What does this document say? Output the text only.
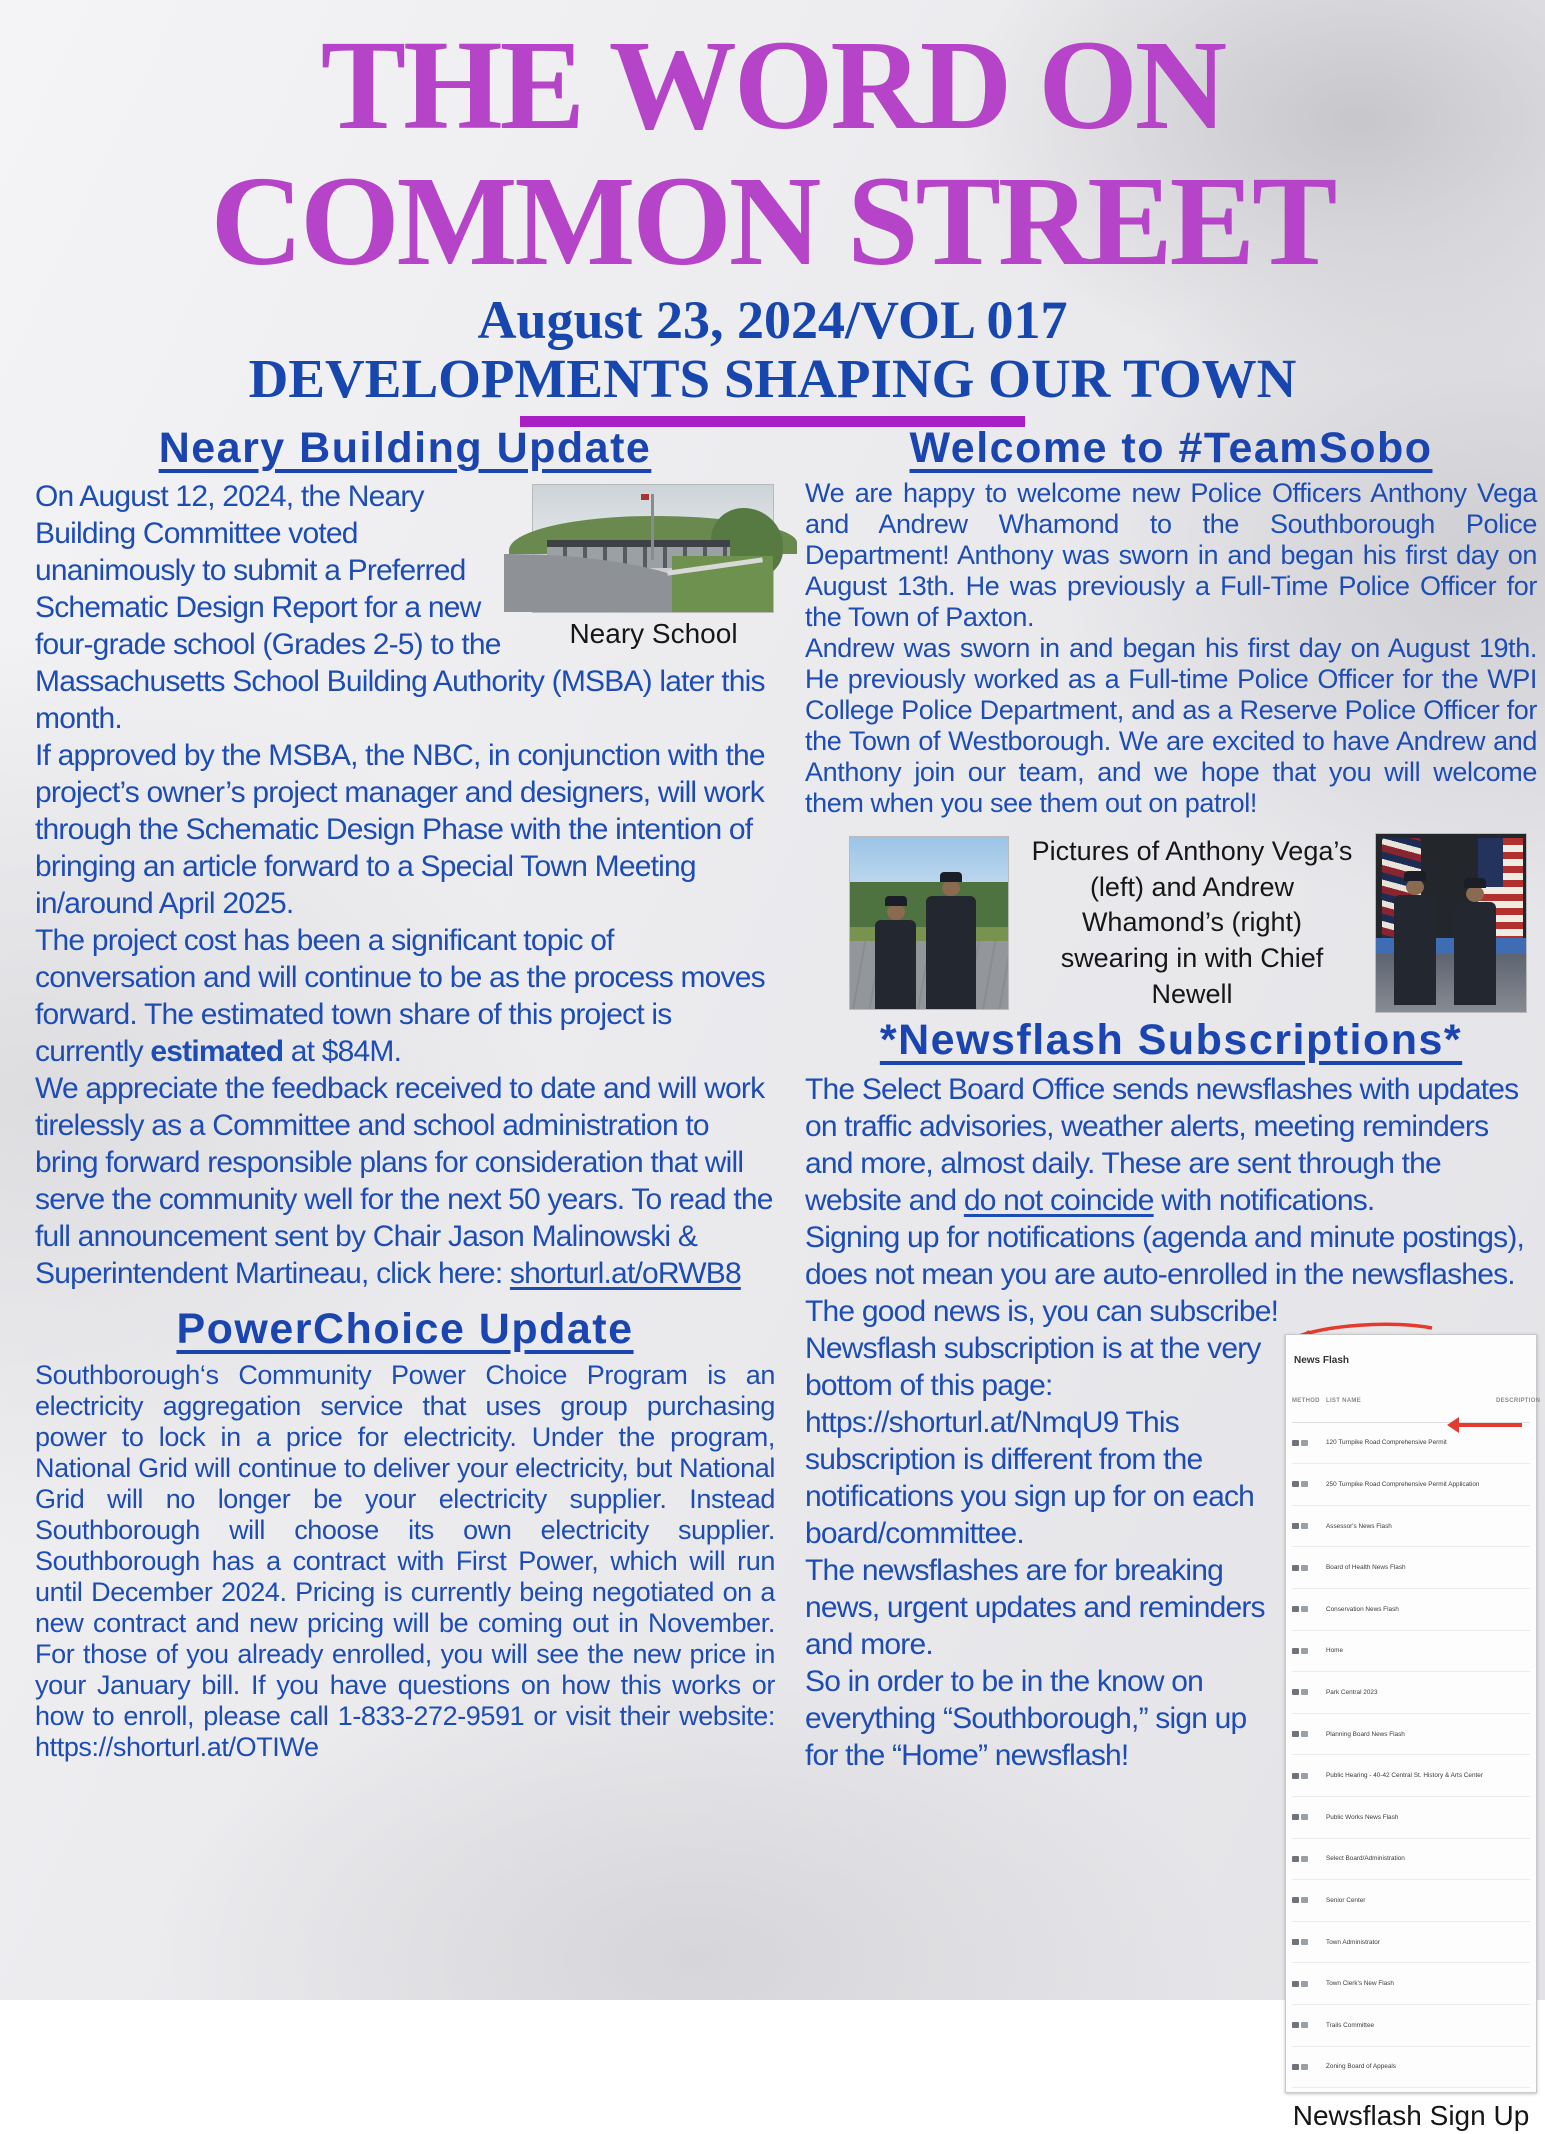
THE WORD ON
COMMON STREET
August 23, 2024/VOL 017
DEVELOPMENTS SHAPING OUR TOWN
Neary Building Update
Neary School

On August 12, 2024, the Neary Building Committee voted unanimously to submit a Preferred Schematic Design Report for a new four-grade school (Grades 2-5) to the Massachusetts School Building Authority (MSBA) later this month.

If approved by the MSBA, the NBC, in conjunction with the project’s owner’s project manager and designers, will work through the Schematic Design Phase with the intention of bringing an article forward to a Special Town Meeting in/around April 2025.

The project cost has been a significant topic of conversation and will continue to be as the process moves forward. The estimated town share of this project is currently estimated at $84M.

We appreciate the feedback received to date and will work tirelessly as a Committee and school administration to bring forward responsible plans for consideration that will serve the community well for the next 50 years. To read the full announcement sent by Chair Jason Malinowski & Superintendent Martineau, click here: shorturl.at/oRWB8

PowerChoice Update

Southborough‘s Community Power Choice Program is an electricity aggregation service that uses group purchasing power to lock in a price for electricity. Under the program, National Grid will continue to deliver your electricity, but National Grid will no longer be your electricity supplier. Instead Southborough will choose its own electricity supplier. Southborough has a contract with First Power, which will run until December 2024. Pricing is currently being negotiated on a new contract and new pricing will be coming out in November. For those of you already enrolled, you will see the new price in your January bill. If you have questions on how this works or how to enroll, please call 1-833-272-9591 or visit their website: https://shorturl.at/OTIWe

Welcome to #TeamSobo

We are happy to welcome new Police Officers Anthony Vega and Andrew Whamond to the Southborough Police Department! Anthony was sworn in and began his first day on August 13th. He was previously a Full-Time Police Officer for the Town of Paxton.

Andrew was sworn in and began his first day on August 19th. He previously worked as a Full-time Police Officer for the WPI College Police Department, and as a Reserve Police Officer for the Town of Westborough. We are excited to have Andrew and Anthony join our team, and we hope that you will welcome them when you see them out on patrol!

Pictures of Anthony Vega’s (left) and Andrew Whamond’s (right) swearing in with Chief Newell
*Newsflash Subscriptions*

The Select Board Office sends newsflashes with updates on traffic advisories, weather alerts, meeting reminders and more, almost daily. These are sent through the website and do not coincide with notifications.

Signing up for notifications (agenda and minute postings), does not mean you are auto-enrolled in the newsflashes.

The good news is, you can subscribe!

News Flash
METHOD	LIST NAME	DESCRIPTION
120 Turnpike Road Comprehensive Permit
250 Turnpike Road Comprehensive Permit Application
Assessor's News Flash
Board of Health News Flash
Conservation News Flash
Home
Park Central 2023
Planning Board News Flash
Public Hearing - 40-42 Central St. History & Arts Center
Public Works News Flash
Select Board/Administration
Senior Center
Town Administrator
Town Clerk's New Flash
Trails Committee
Zoning Board of Appeals
Newsflash Sign Up

Newsflash subscription is at the very bottom of this page: https://shorturl.at/NmqU9 This subscription is different from the notifications you sign up for on each board/committee.

The newsflashes are for breaking news, urgent updates and reminders and more.

So in order to be in the know on everything “Southborough,” sign up for the “Home” newsflash!
